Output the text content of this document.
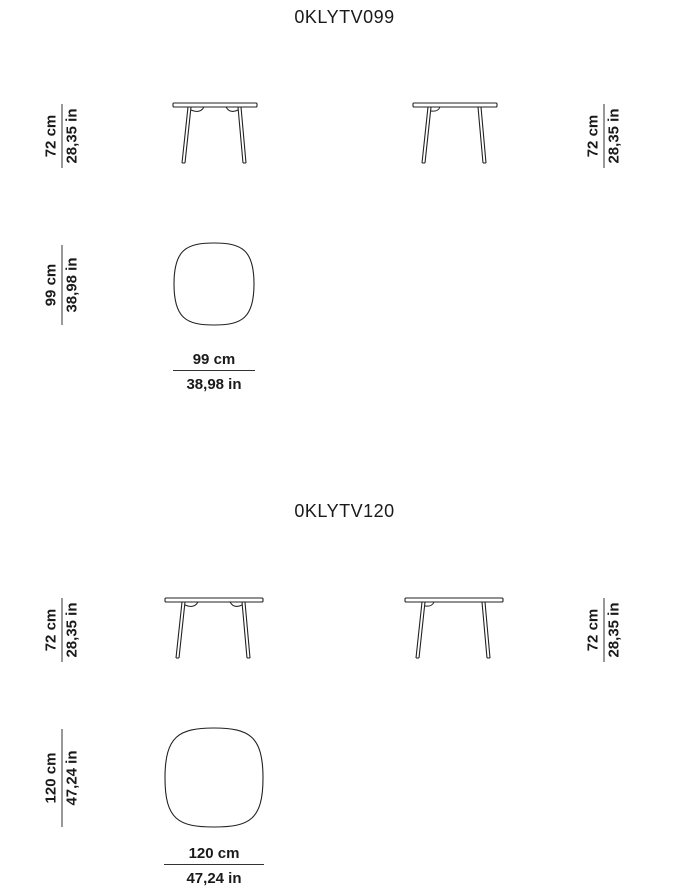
0KLYTV099
72 cm 28,35 in	72 cm 28,35 in
99 cm 38,98 in
99 cm
38,98 in
0KLYTV120
72 cm 28,35 in	72 cm 28,35 in
120 cm 47,24 in
120 cm
47,24 in
